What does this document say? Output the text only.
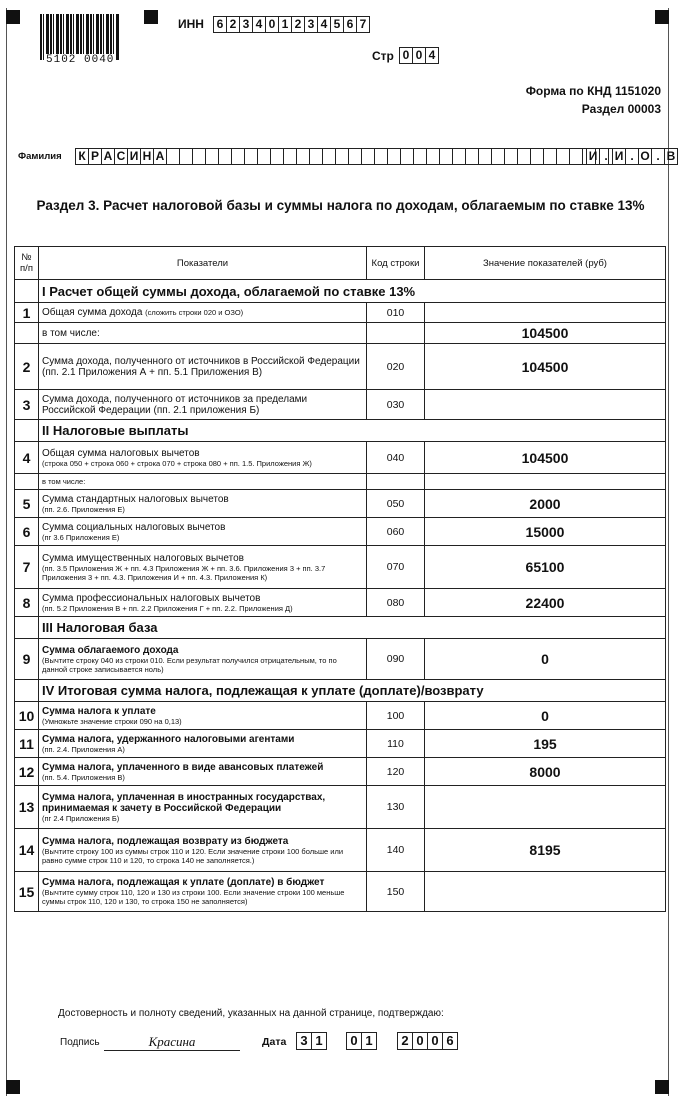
5102 0040
ИНН	6 2 3 4 0 1 2 3 4 5 6 7
Стр 0 0 4
Форма по КНД 1151020
Раздел 00003
Фамилия К Р А С И Н А	И . И . О . В
Раздел 3. Расчет налоговой базы и суммы налога по доходам, облагаемым по ставке 13%
№ п/п	Показатели	Код строки	Значение показателей (руб)
	I Расчет общей суммы дохода, облагаемой по ставке 13%		
1	Общая сумма дохода (сложить строки 020 и ОЗО)	010	

	в том числе:		104500
2	Сумма дохода, полученного от источников в Российской Федерации
(пп. 2.1 Приложения А + пп. 5.1 Приложения В)	020	104500
3	Сумма дохода, полученного от источников за пределами Российской Федерации (пп. 2.1 приложения Б)	030	
	II Налоговые выплаты		
4	Общая сумма налоговых вычетов
(строка 050 + строка 060 + строка 070 + строка 080 + пп. 1.5. Приложения Ж)	040	104500

	в том числе:		

5	Сумма стандартных налоговых вычетов
(пп. 2.6. Приложения Е)	050	2000
6	Сумма социальных налоговых вычетов
(пг 3.6 Приложения Е)	060	15000
7	Сумма имущественных налоговых вычетов
(пп. 3.5 Приложения Ж + пп. 4.3 Приложения Ж + пп. 3.6. Приложения 3 + пп. 3.7 Приложения 3 + пп. 4.3. Приложения И + пп. 4.3. Приложения К)	070	65100
8	Сумма профессиональных налоговых вычетов
(пп. 5.2 Приложения В + пп. 2.2 Приложения Г + пп. 2.2. Приложения Д)	080	22400
	III Налоговая база		
9	Сумма облагаемого дохода
(Вычтите строку 040 из строки 010. Если результат получился отрицательным, то по данной строке записывается ноль)	090	0
	IV Итоговая сумма налога, подлежащая к уплате (доплате)/возврату		
10	Сумма налога к уплате
(Умножьте значение строки 090 на 0,13)	100	0
11	Сумма налога, удержанного налоговыми агентами
(пп. 2.4. Приложения А)	110	195
12	Сумма налога, уплаченного в виде авансовых платежей
(пп. 5.4. Приложения В)	120	8000
13	Сумма налога, уплаченная в иностранных государствах, принимаемая к зачету в Российской Федерации
(пг 2.4 Приложения Б)	130	
14	Сумма налога, подлежащая возврату из бюджета
(Вычтите строку 100 из суммы строк 110 и 120. Если значение строки 100 больше или равно сумме строк 110 и 120, то строка 140 не заполняется.)	140	8195
15	Сумма налога, подлежащая к уплате (доплате) в бюджет
(Вычтите сумму строк 110, 120 и 130 из строки 100. Если значение строки 100 меньше суммы строк 110, 120 и 130, то строка 150 не заполняется)	150	
Достоверность и полноту сведений, указанных на данной странице, подтверждаю:
Подпись	Красина	Дата	3 1	0 1	2 0 0 6
